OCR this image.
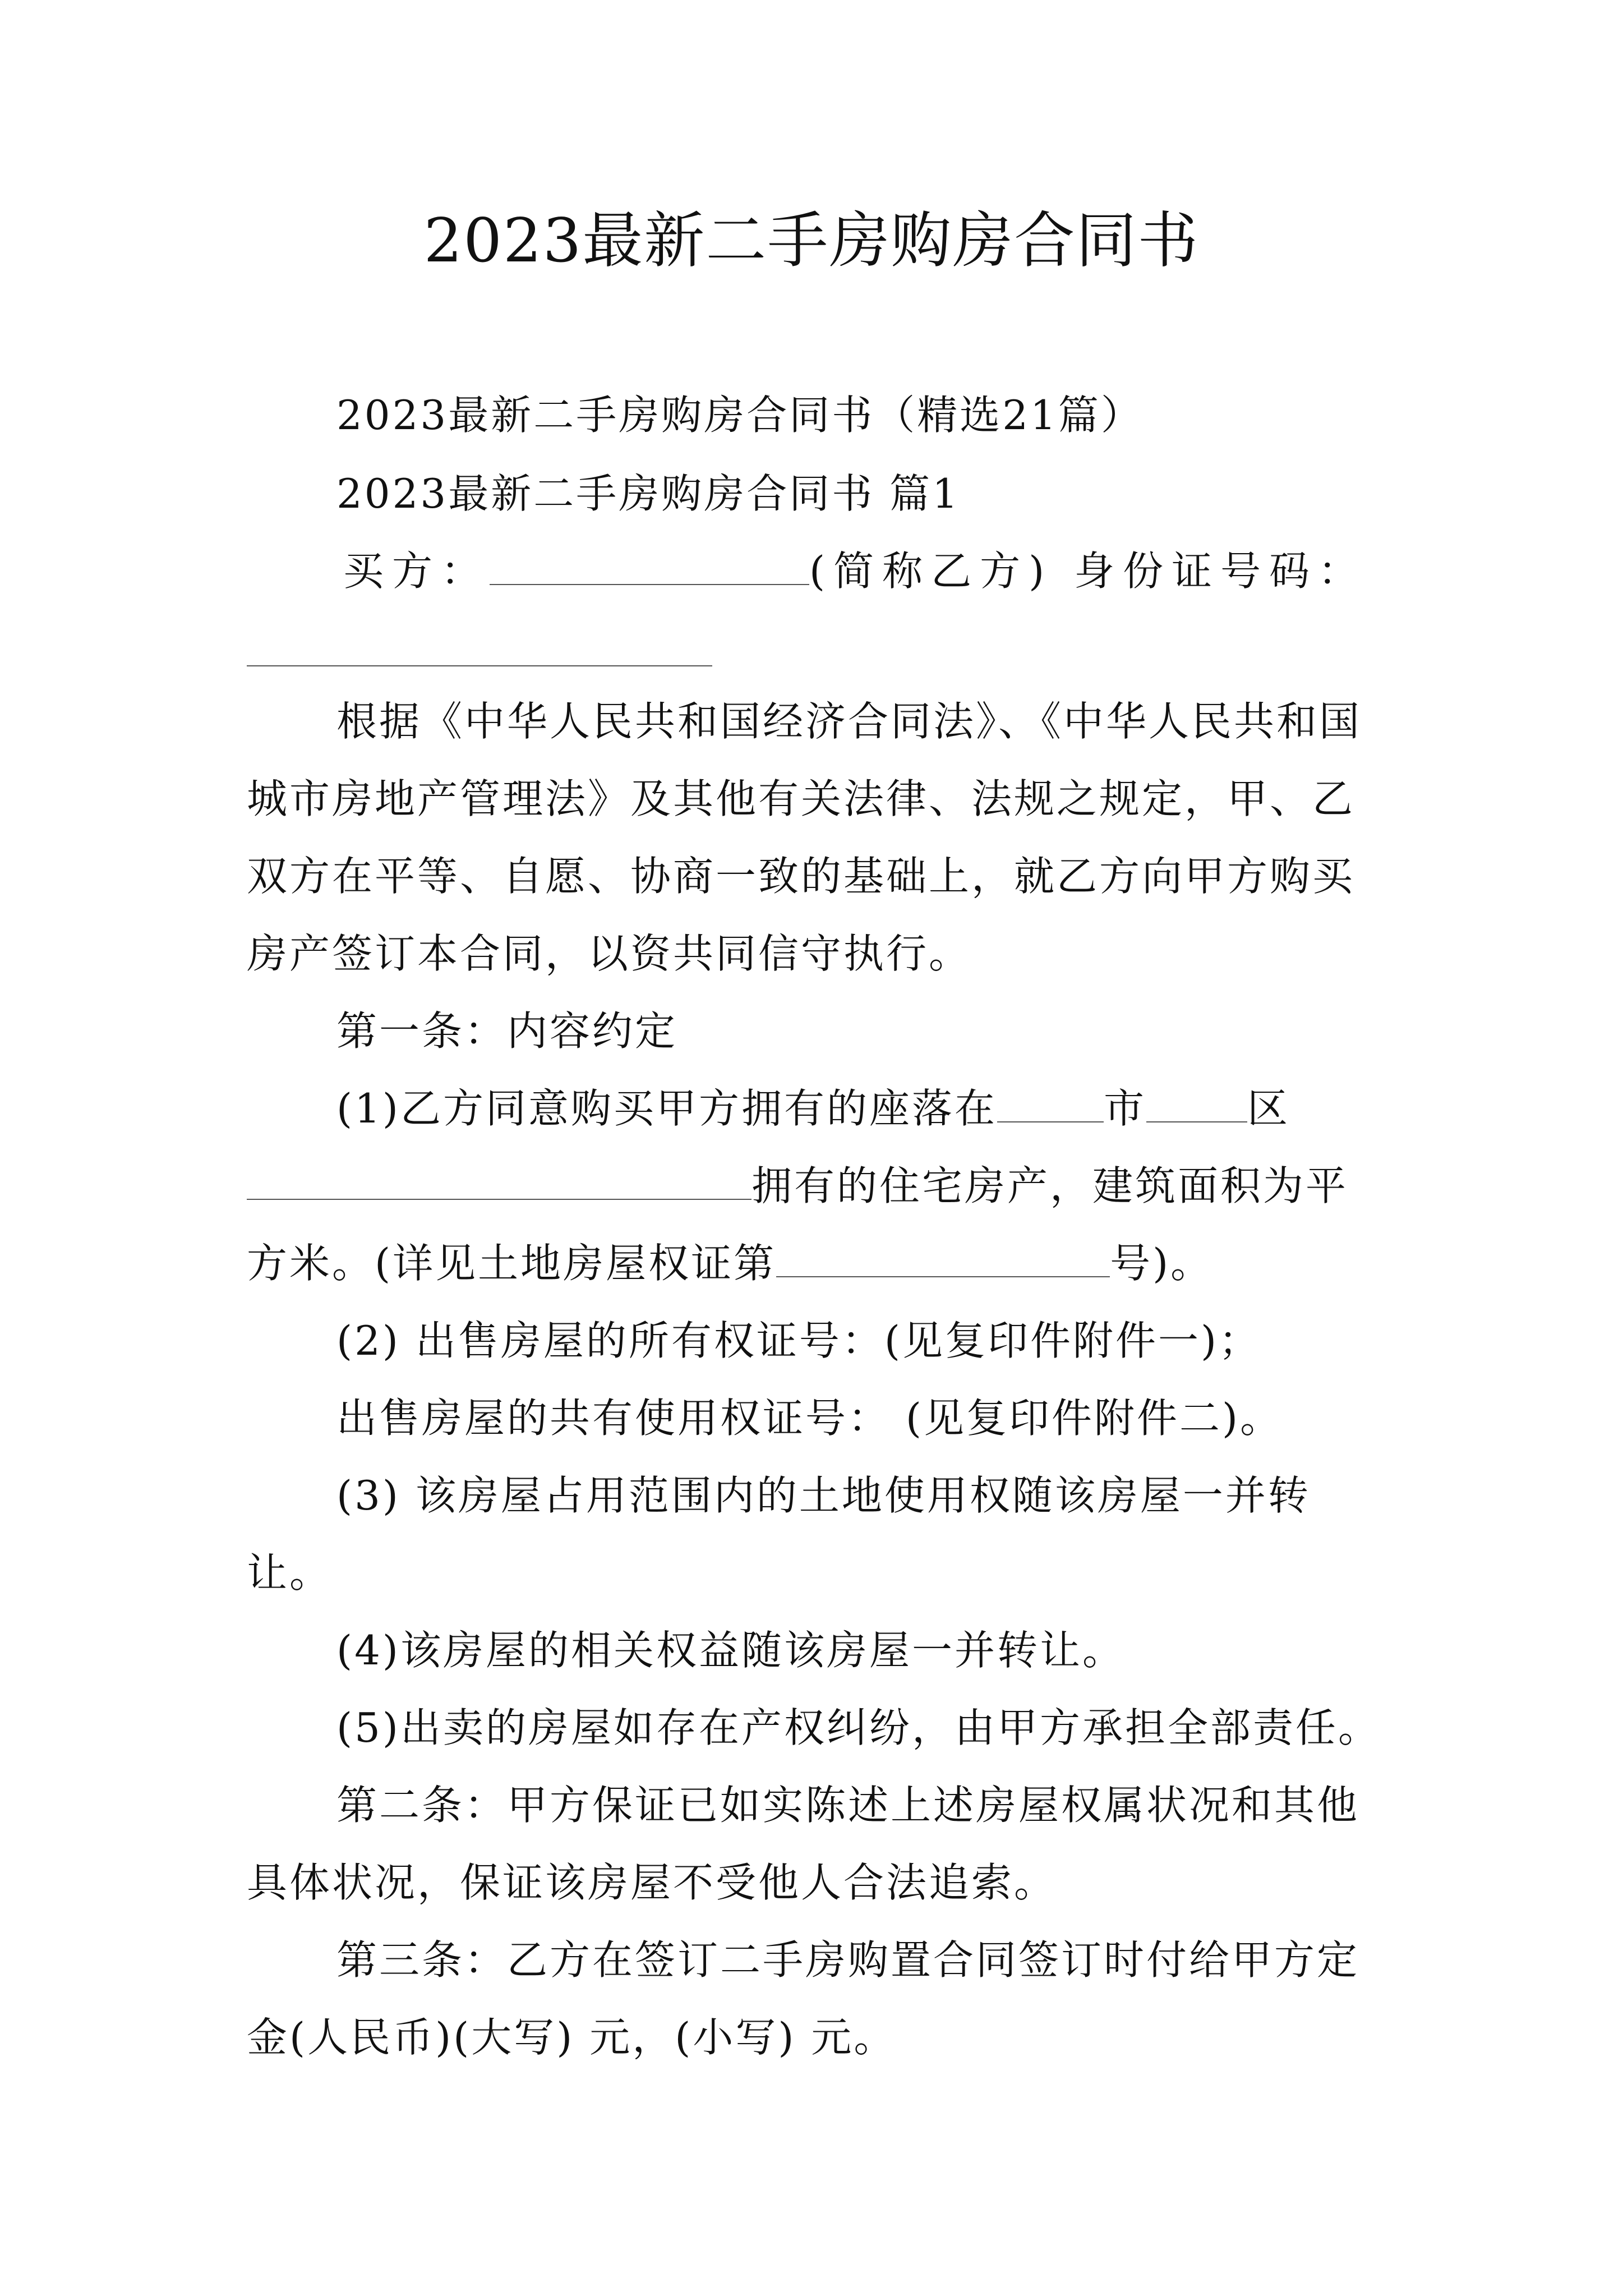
2023最新二手房购房合同书
2023最新二手房购房合同书（精选21篇）
2023最新二手房购房合同书 篇1
买方：	(简称乙方) 身份证号码：
根据《中华人民共和国经济合同法》、《中华人民共和国
城市房地产管理法》及其他有关法律、法规之规定，甲、乙
双方在平等、自愿、协商一致的基础上，就乙方向甲方购买
房产签订本合同，以资共同信守执行。
第一条：内容约定
(1)乙方同意购买甲方拥有的座落在	市	区
拥有的住宅房产，建筑面积为平
方米。(详见土地房屋权证第	号)。
(2) 出售房屋的所有权证号：(见复印件附件一)；
出售房屋的共有使用权证号： (见复印件附件二)。
(3) 该房屋占用范围内的土地使用权随该房屋一并转
让。
(4)该房屋的相关权益随该房屋一并转让。
(5)出卖的房屋如存在产权纠纷，由甲方承担全部责任。
第二条：甲方保证已如实陈述上述房屋权属状况和其他
具体状况，保证该房屋不受他人合法追索。
第三条：乙方在签订二手房购置合同签订时付给甲方定
金(人民币)(大写) 元，(小写) 元。
